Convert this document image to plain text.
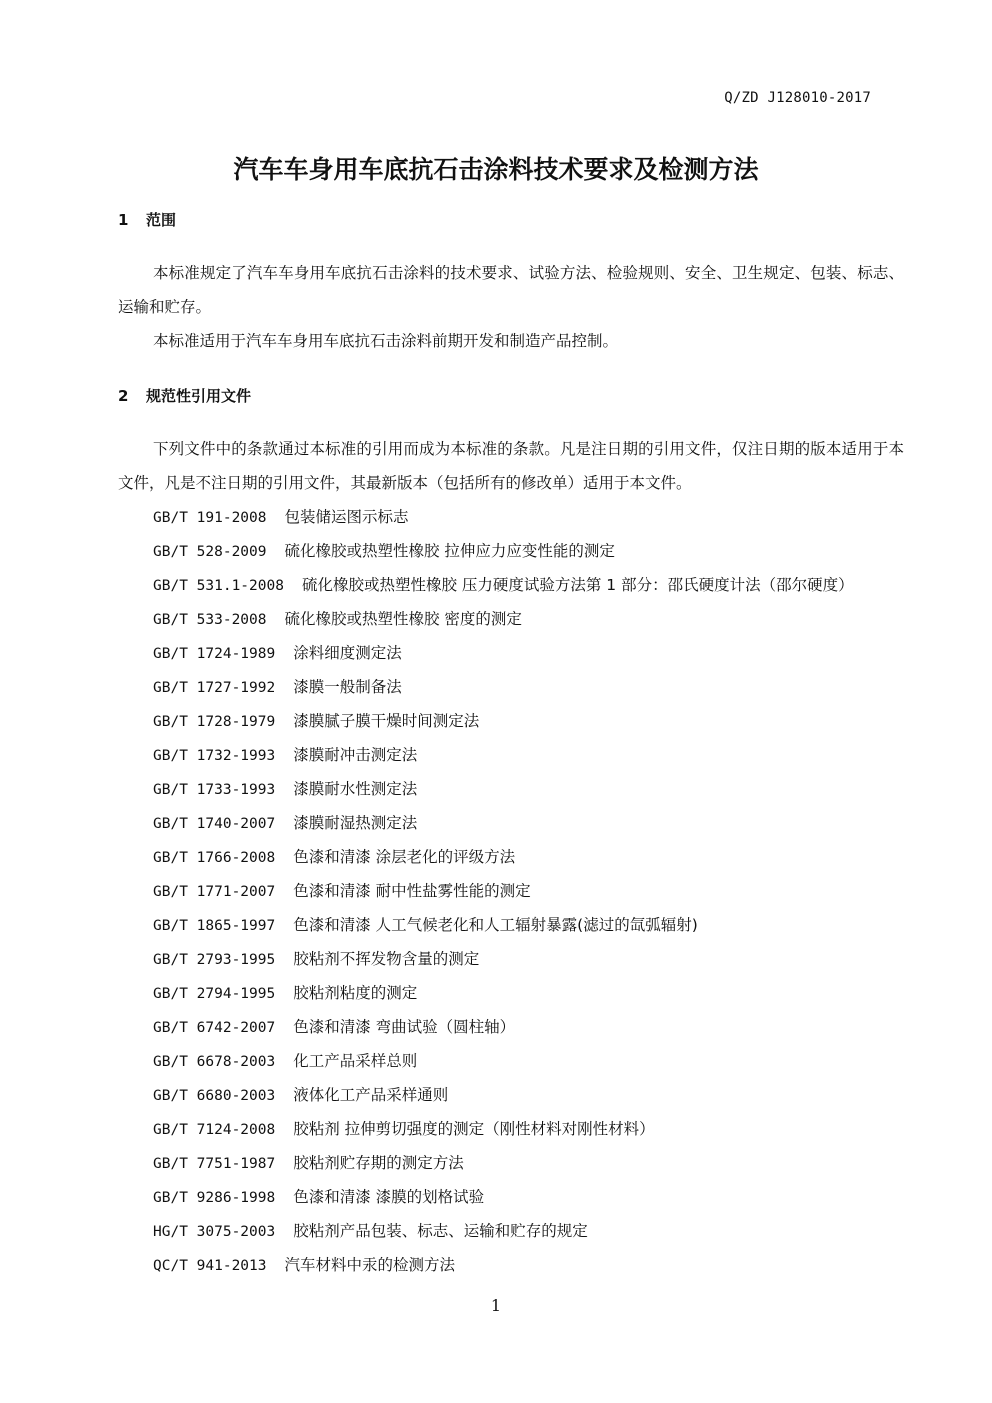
Q/ZD J128010-2017
汽车车身用车底抗石击涂料技术要求及检测方法
1 范围
本标准规定了汽车车身用车底抗石击涂料的技术要求、试验方法、检验规则、安全、卫生规定、包装、标志、运输和贮存。
本标准适用于汽车车身用车底抗石击涂料前期开发和制造产品控制。
2 规范性引用文件
下列文件中的条款通过本标准的引用而成为本标准的条款。凡是注日期的引用文件，仅注日期的版本适用于本文件，凡是不注日期的引用文件，其最新版本（包括所有的修改单）适用于本文件。
GB/T 191-2008 包装储运图示标志
GB/T 528-2009 硫化橡胶或热塑性橡胶 拉伸应力应变性能的测定
GB/T 531.1-2008 硫化橡胶或热塑性橡胶 压力硬度试验方法第 1 部分：邵氏硬度计法（邵尔硬度）
GB/T 533-2008 硫化橡胶或热塑性橡胶 密度的测定
GB/T 1724-1989 涂料细度测定法
GB/T 1727-1992 漆膜一般制备法
GB/T 1728-1979 漆膜腻子膜干燥时间测定法
GB/T 1732-1993 漆膜耐冲击测定法
GB/T 1733-1993 漆膜耐水性测定法
GB/T 1740-2007 漆膜耐湿热测定法
GB/T 1766-2008 色漆和清漆 涂层老化的评级方法
GB/T 1771-2007 色漆和清漆 耐中性盐雾性能的测定
GB/T 1865-1997 色漆和清漆 人工气候老化和人工辐射暴露(滤过的氙弧辐射)
GB/T 2793-1995 胶粘剂不挥发物含量的测定
GB/T 2794-1995 胶粘剂粘度的测定
GB/T 6742-2007 色漆和清漆 弯曲试验（圆柱轴）
GB/T 6678-2003 化工产品采样总则
GB/T 6680-2003 液体化工产品采样通则
GB/T 7124-2008 胶粘剂 拉伸剪切强度的测定（刚性材料对刚性材料）
GB/T 7751-1987 胶粘剂贮存期的测定方法
GB/T 9286-1998 色漆和清漆 漆膜的划格试验
HG/T 3075-2003 胶粘剂产品包装、标志、运输和贮存的规定
QC/T 941-2013 汽车材料中汞的检测方法
1
